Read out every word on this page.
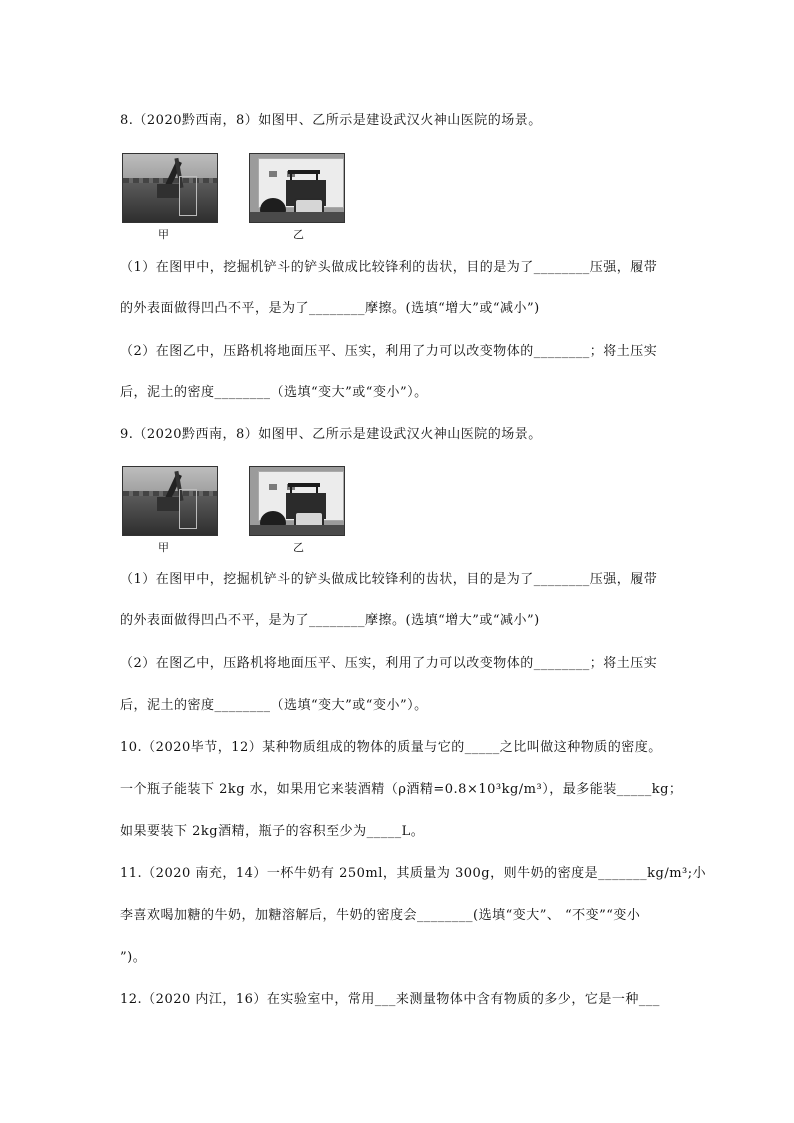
8.（2020黔西南，8）如图甲、乙所示是建设武汉火神山医院的场景。
甲	乙
（1）在图甲中，挖掘机铲斗的铲头做成比较锋利的齿状，目的是为了________压强，履带
的外表面做得凹凸不平，是为了________摩擦。(选填“增大”或“减小”)
（2）在图乙中，压路机将地面压平、压实，利用了力可以改变物体的________；将土压实
后，泥土的密度________（选填“变大”或“变小”）。
9.（2020黔西南，8）如图甲、乙所示是建设武汉火神山医院的场景。
甲	乙
（1）在图甲中，挖掘机铲斗的铲头做成比较锋利的齿状，目的是为了________压强，履带
的外表面做得凹凸不平，是为了________摩擦。(选填“增大”或“减小”)
（2）在图乙中，压路机将地面压平、压实，利用了力可以改变物体的________；将土压实
后，泥土的密度________（选填“变大”或“变小”）。
10.（2020毕节，12）某种物质组成的物体的质量与它的_____之比叫做这种物质的密度。
一个瓶子能装下 2kg 水，如果用它来装酒精（ρ酒精=0.8×10³kg/m³），最多能装_____kg；
如果要装下 2kg酒精，瓶子的容积至少为_____L。
11.（2020 南充，14）一杯牛奶有 250ml，其质量为 300g，则牛奶的密度是_______kg/m³;小
李喜欢喝加糖的牛奶，加糖溶解后，牛奶的密度会________(选填“变大”、 “不变”“变小
”)。
12.（2020 内江，16）在实验室中，常用___来测量物体中含有物质的多少，它是一种___
